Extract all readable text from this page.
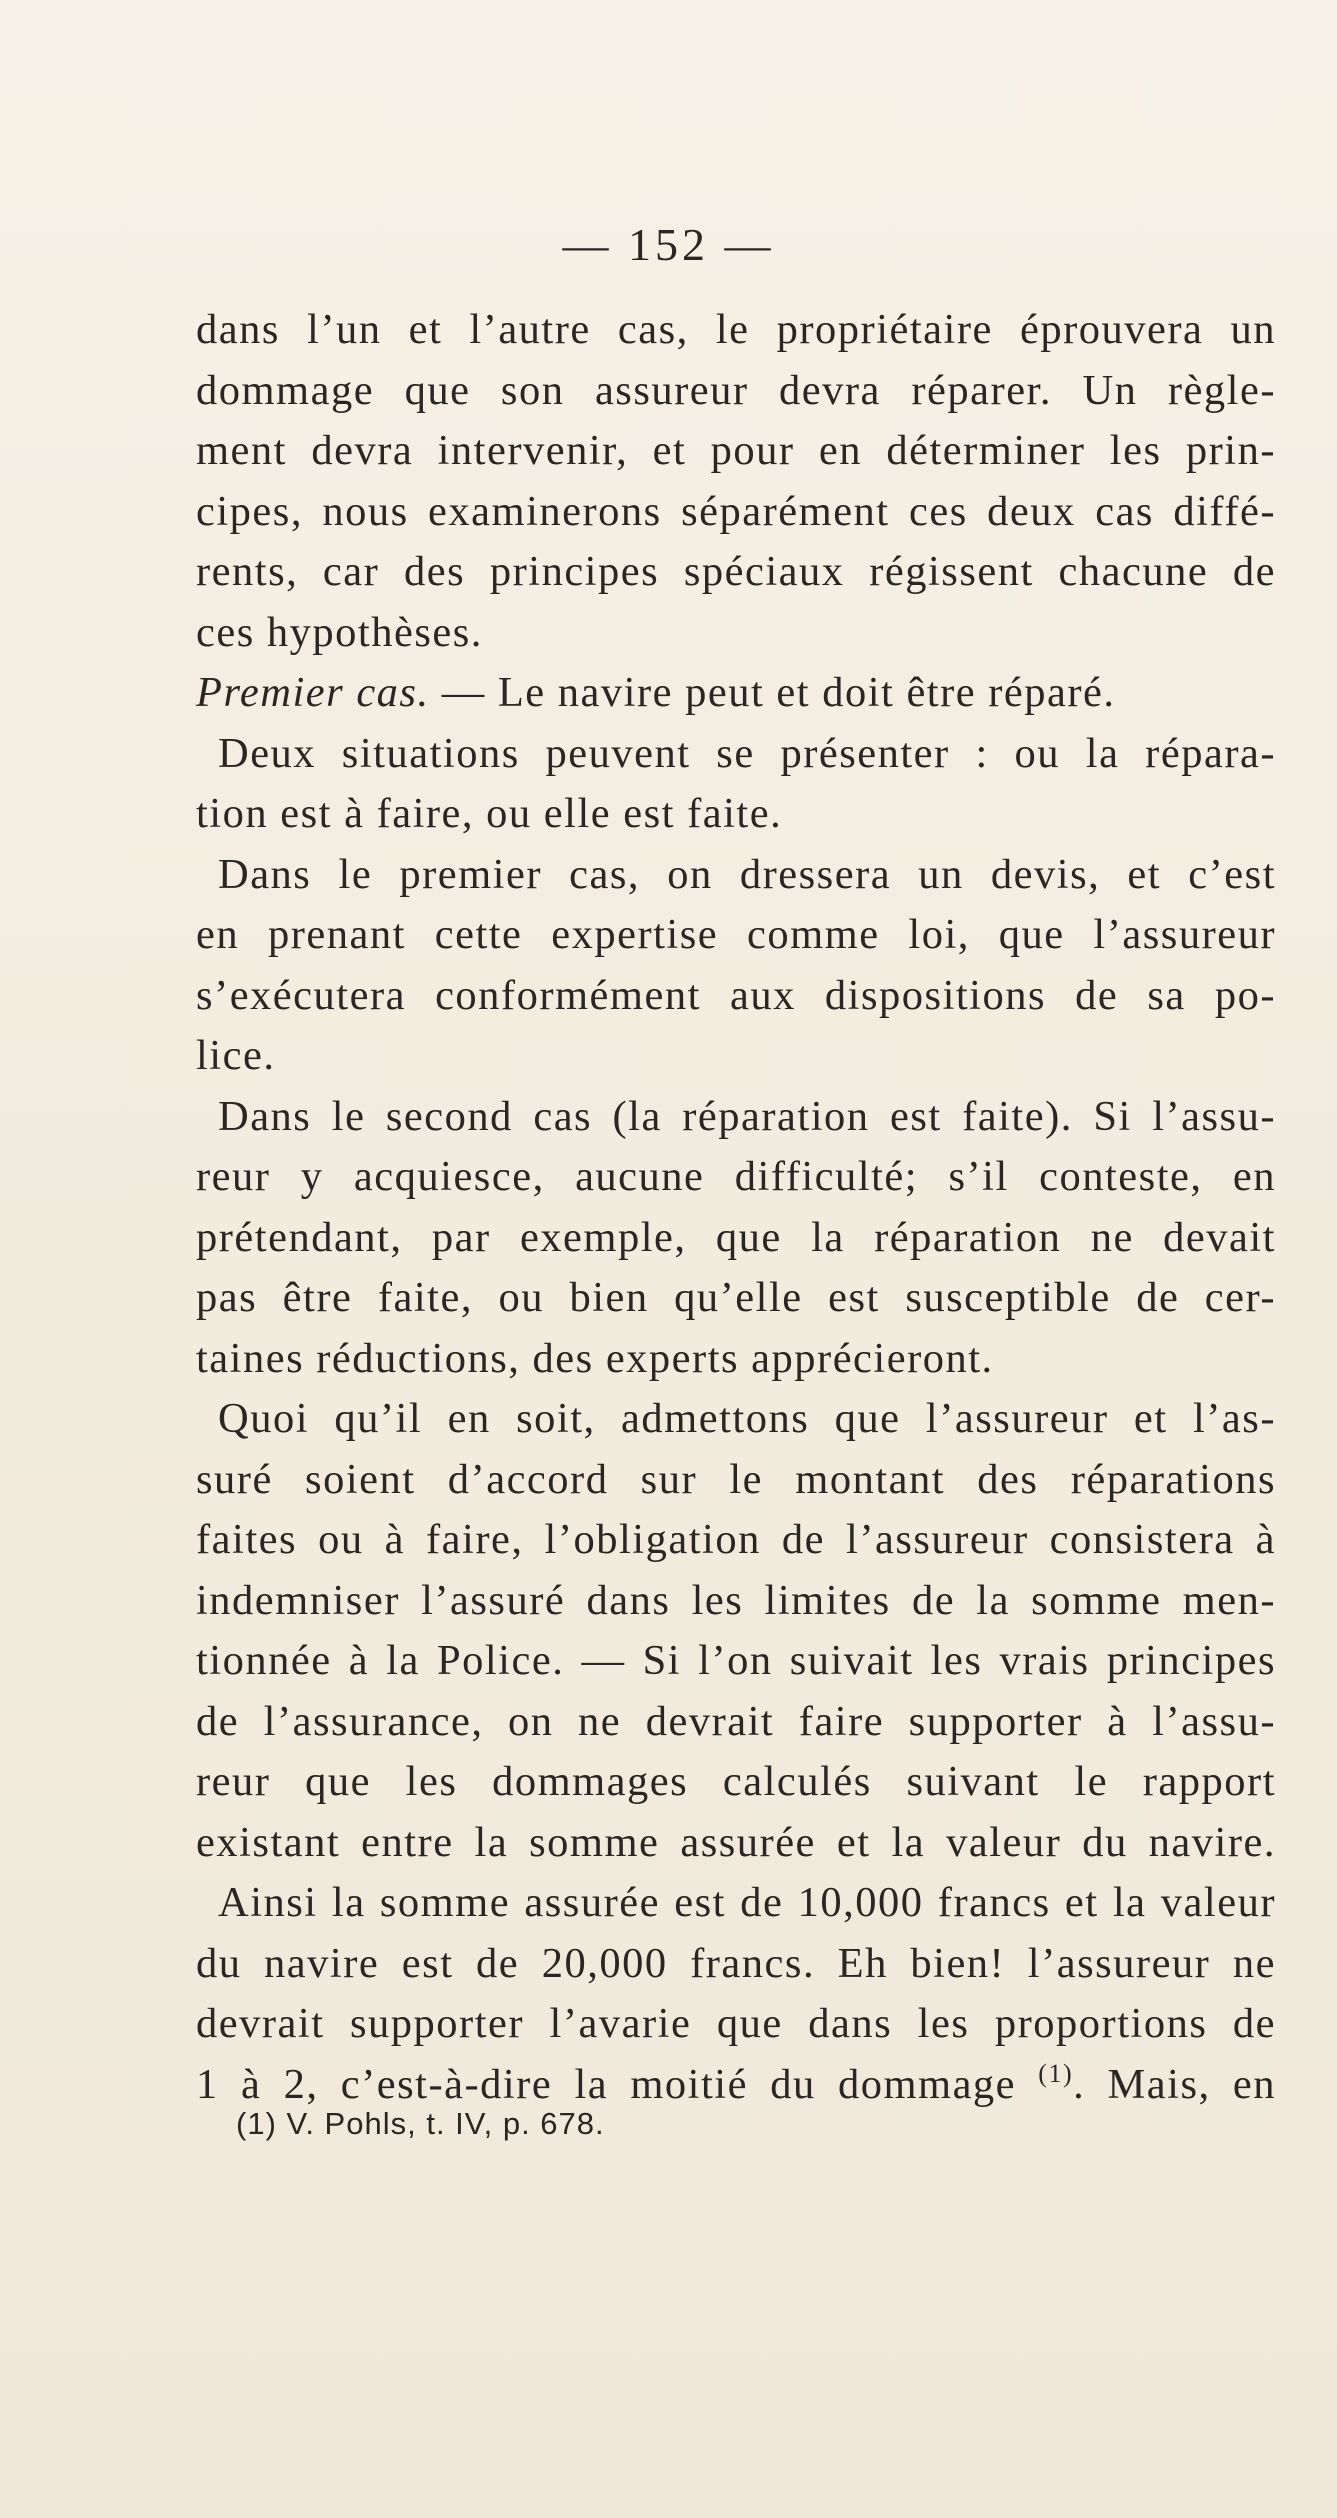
— 152 —
dans l’un et l’autre cas, le propriétaire éprouvera un
dommage que son assureur devra réparer. Un règle-
ment devra intervenir, et pour en déterminer les prin-
cipes, nous examinerons séparément ces deux cas diffé-
rents, car des principes spéciaux régissent chacune de
ces hypothèses.
Premier cas. — Le navire peut et doit être réparé.
Deux situations peuvent se présenter : ou la répara-
tion est à faire, ou elle est faite.
Dans le premier cas, on dressera un devis, et c’est
en prenant cette expertise comme loi, que l’assureur
s’exécutera conformément aux dispositions de sa po-
lice.
Dans le second cas (la réparation est faite). Si l’assu-
reur y acquiesce, aucune difficulté; s’il conteste, en
prétendant, par exemple, que la réparation ne devait
pas être faite, ou bien qu’elle est susceptible de cer-
taines réductions, des experts apprécieront.
Quoi qu’il en soit, admettons que l’assureur et l’as-
suré soient d’accord sur le montant des réparations
faites ou à faire, l’obligation de l’assureur consistera à
indemniser l’assuré dans les limites de la somme men-
tionnée à la Police. — Si l’on suivait les vrais principes
de l’assurance, on ne devrait faire supporter à l’assu-
reur que les dommages calculés suivant le rapport
existant entre la somme assurée et la valeur du navire.
Ainsi la somme assurée est de 10,000 francs et la valeur
du navire est de 20,000 francs. Eh bien! l’assureur ne
devrait supporter l’avarie que dans les proportions de
1 à 2, c’est-à-dire la moitié du dommage $^{(1)}$. Mais, en
(1) V. Pohls, t. IV, p. 678.
